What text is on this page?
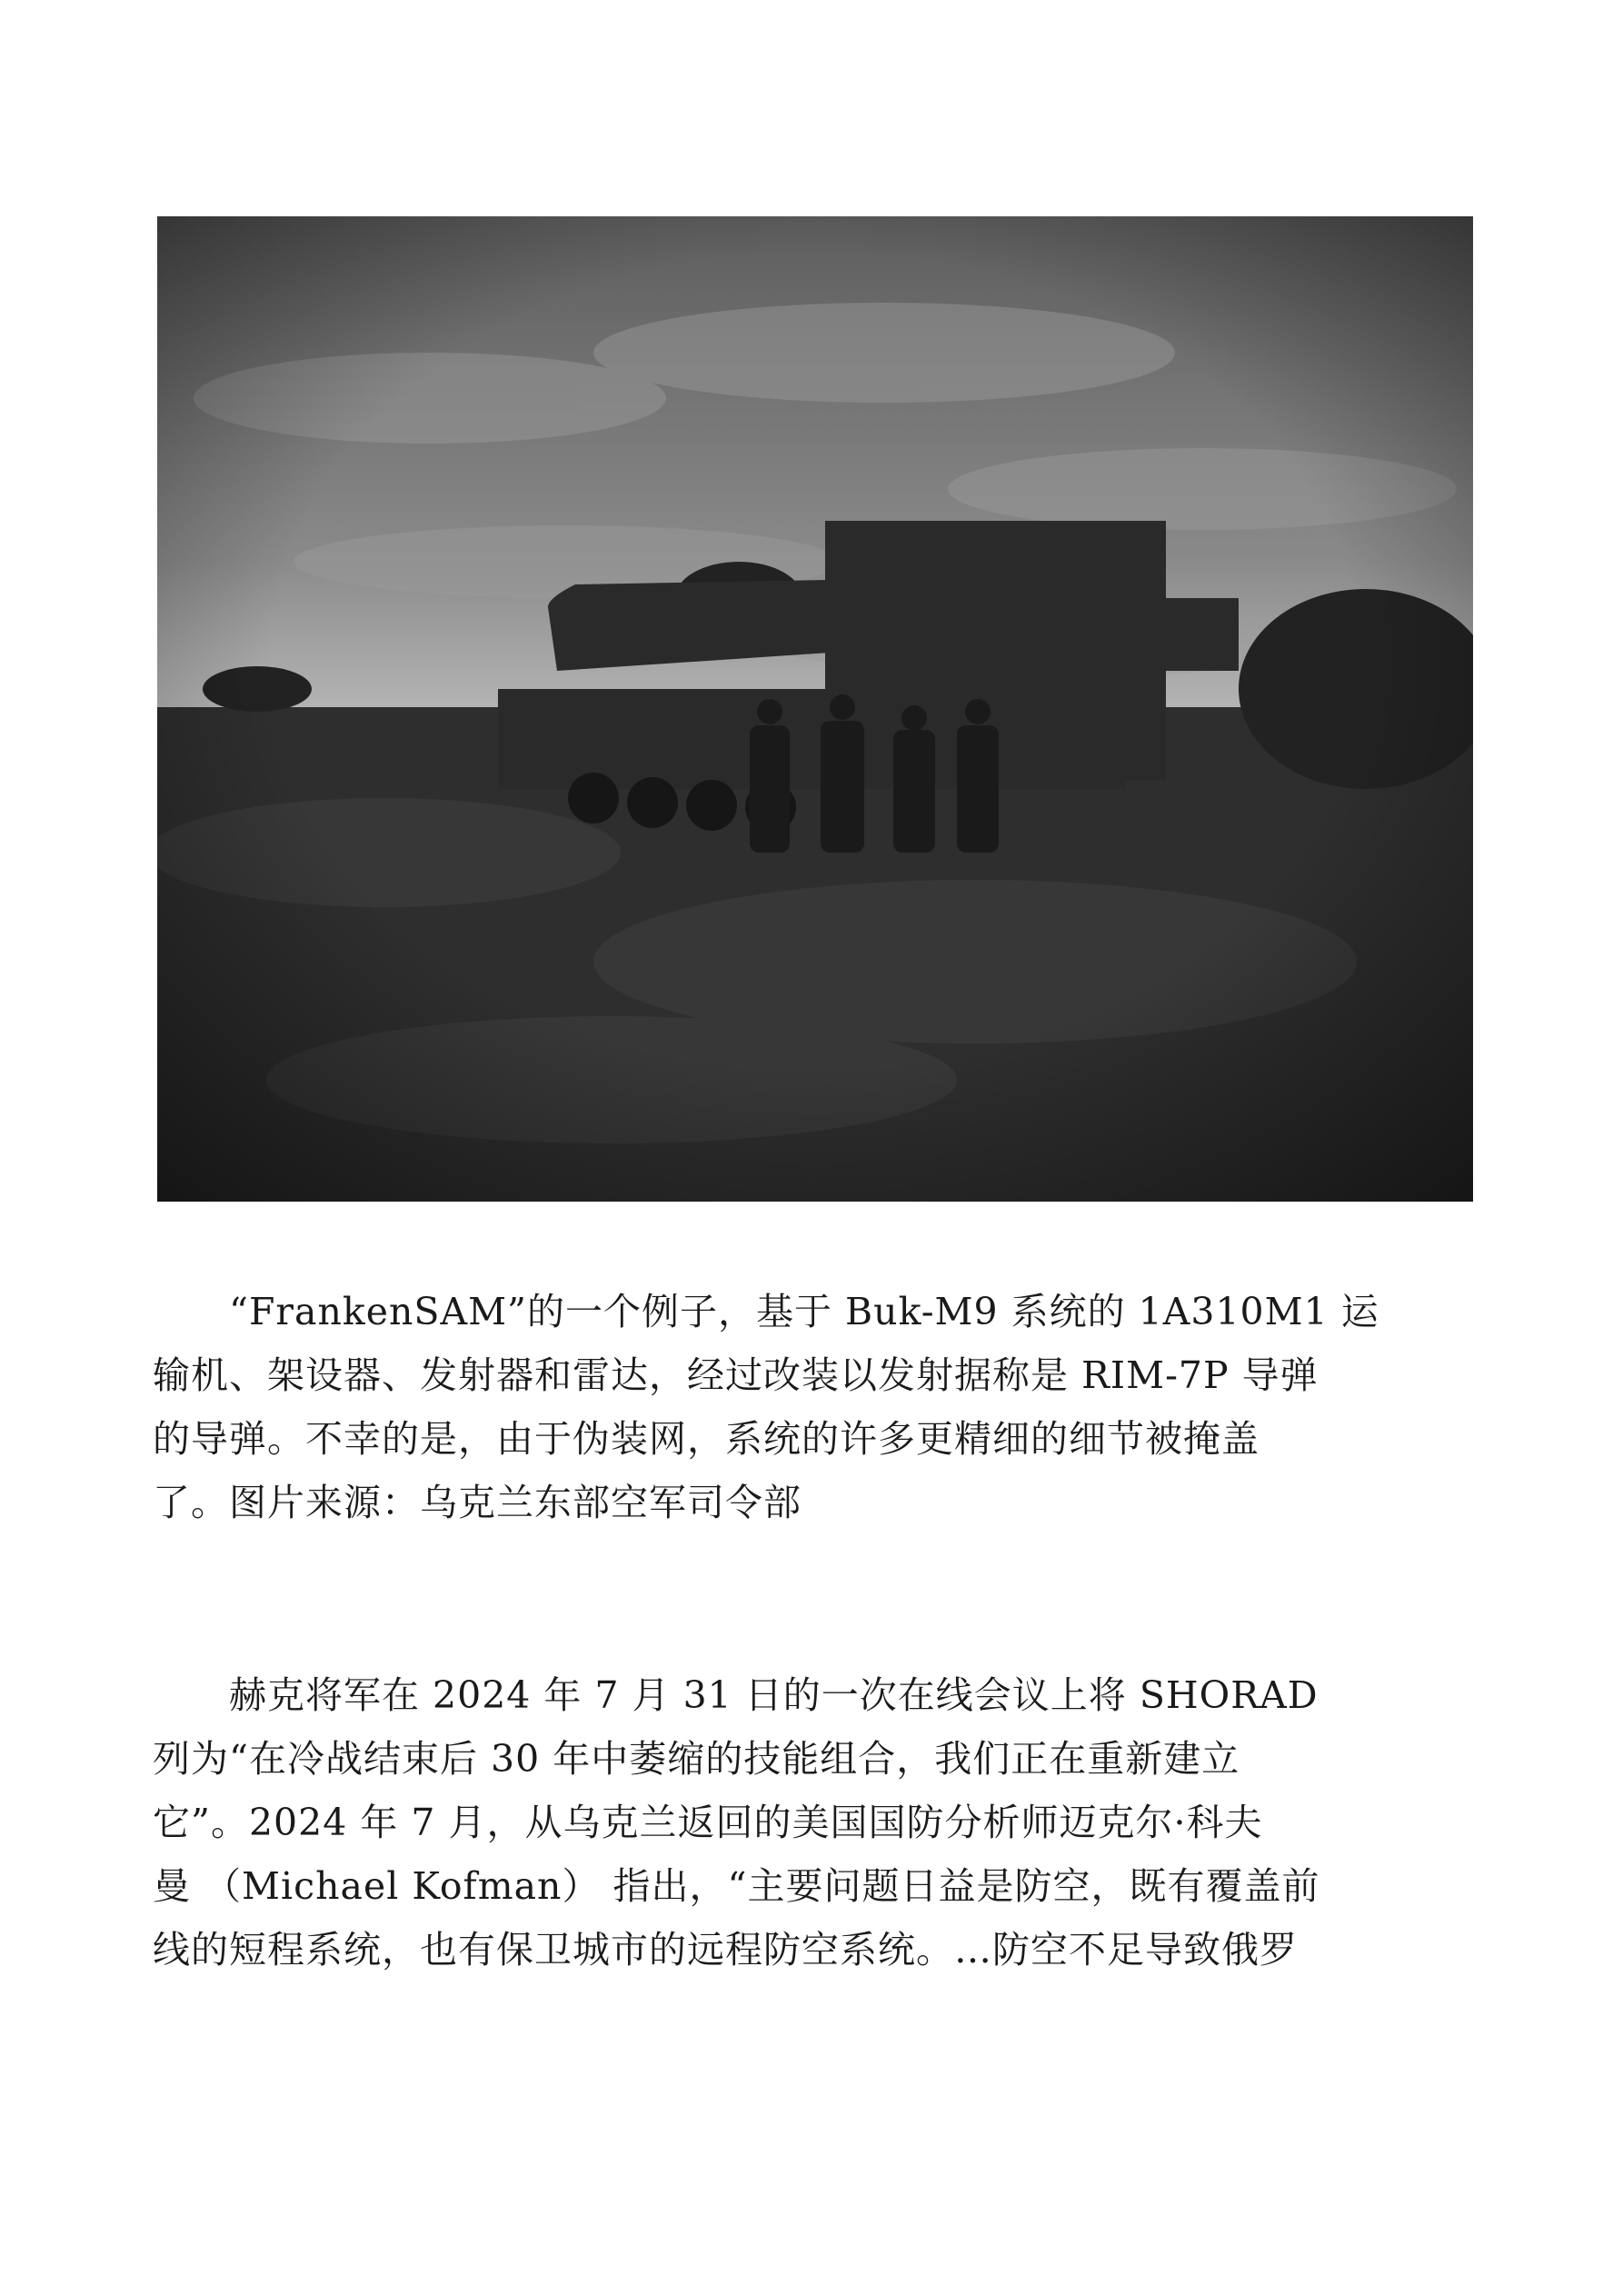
“FrankenSAM”的一个例子，基于 Buk-M9 系统的 1A310M1 运
输机、架设器、发射器和雷达，经过改装以发射据称是 RIM-7P 导弹
的导弹。不幸的是，由于伪装网，系统的许多更精细的细节被掩盖
了。图片来源：乌克兰东部空军司令部

赫克将军在 2024 年 7 月 31 日的一次在线会议上将 SHORAD
列为“在冷战结束后 30 年中萎缩的技能组合，我们正在重新建立
它”。2024 年 7 月，从乌克兰返回的美国国防分析师迈克尔·科夫
曼 （Michael Kofman） 指出，“主要问题日益是防空，既有覆盖前
线的短程系统，也有保卫城市的远程防空系统。…防空不足导致俄罗
